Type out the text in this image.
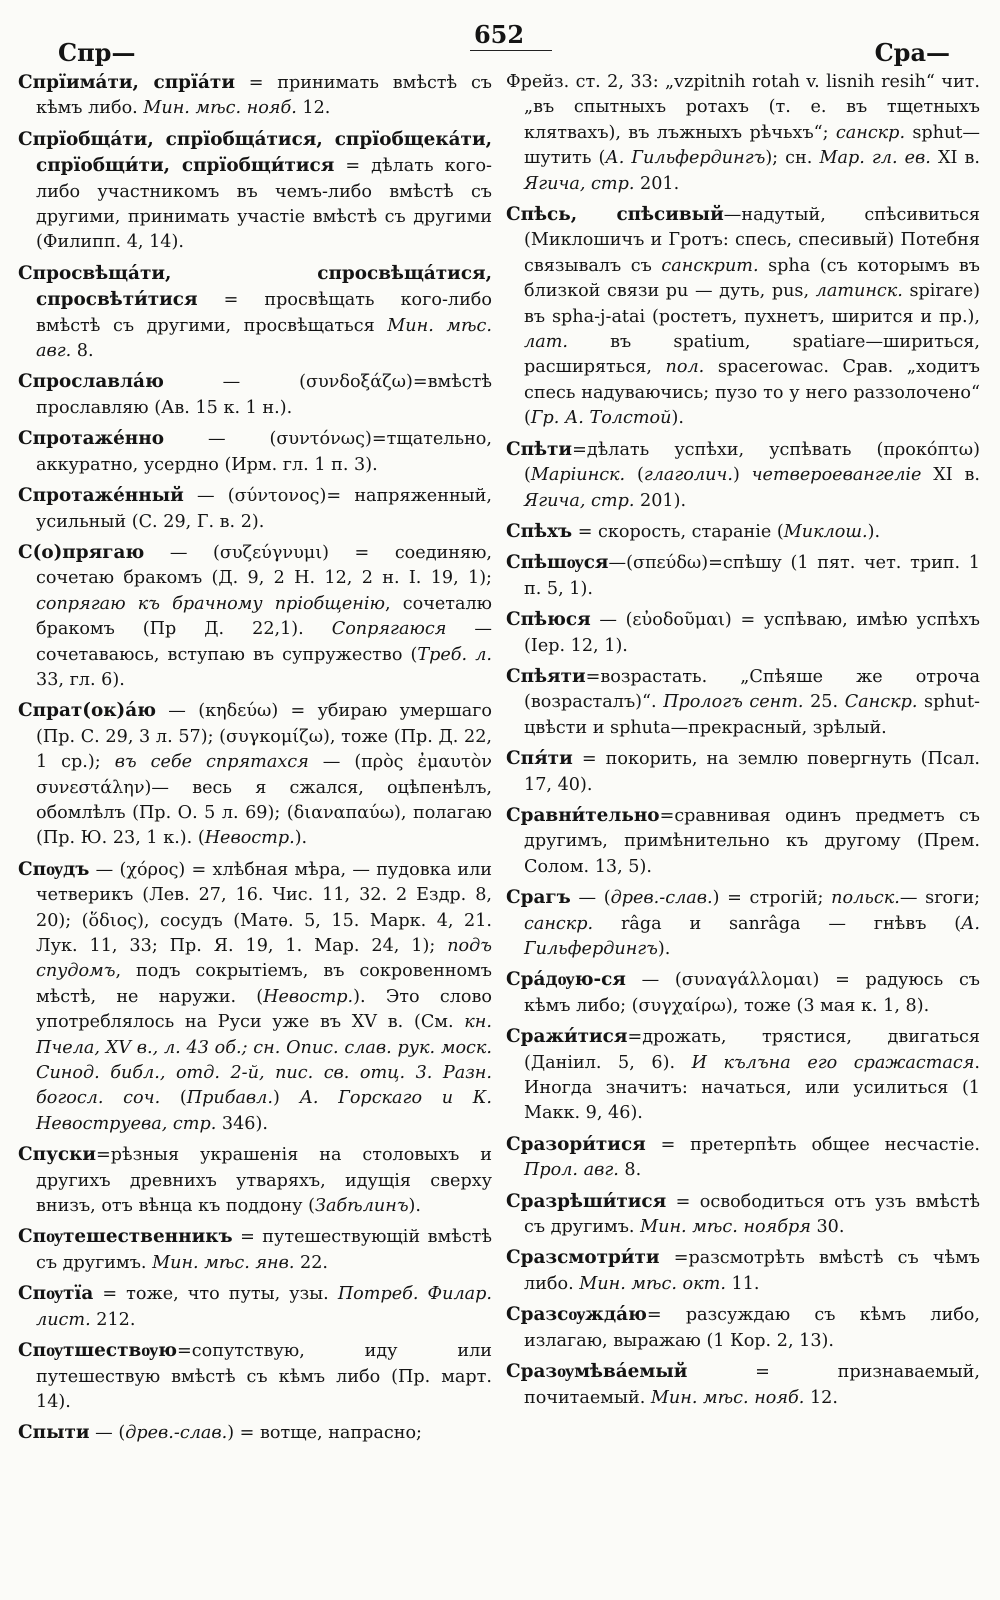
Спр—
652
Сра—

Спрїима́ти, спрїа́ти = принимать вмѣстѣ съ кѣмъ либо. Мин. мѣс. нояб. 12.

Спрїобща́ти, спрїобща́тися, спрїобщека́ти, спрїобщи́ти, спрїобщи́тися = дѣлать кого-либо участникомъ въ чемъ-либо вмѣстѣ съ другими, принимать участіе вмѣстѣ съ другими (Филипп. 4, 14).

Спросвѣща́ти, спросвѣща́тися, спросвѣти́тися = просвѣщать кого-либо вмѣстѣ съ другими, просвѣщаться Мин. мѣс. авг. 8.

Спрославла́ю — (συνδοξάζω)=вмѣстѣ прославляю (Ав. 15 к. 1 н.).

Спротаже́нно — (συντόνως)=тщательно, аккуратно, усердно (Ирм. гл. 1 п. 3).

Спротаже́нный — (σύντονος)= напряженный, усильный (С. 29, Г. в. 2).

С(о)прягаю — (συζεύγνυμι) = соединяю, сочетаю бракомъ (Д. 9, 2 Н. 12, 2 н. I. 19, 1); сопрягаю къ брачному пріобщенію, сочеталю бракомъ (Пр Д. 22,1). Сопрягаюся — сочетаваюсь, вступаю въ супружество (Треб. л. 33, гл. 6).

Спрат(ок)а́ю — (κηδεύω) = убираю умершаго (Пр. С. 29, 3 л. 57); (συγκομίζω), тоже (Пр. Д. 22, 1 ср.); въ себе спрятахся — (πρὸς ἐμαυτὸν συνεστάλην)— весь я сжался, оцѣпенѣлъ, обомлѣлъ (Пр. О. 5 л. 69); (διαναπαύω), полагаю (Пр. Ю. 23, 1 к.). (Невостр.).

Спѹдъ — (χόρος) = хлѣбная мѣра, — пудовка или четверикъ (Лев. 27, 16. Чис. 11, 32. 2 Ездр. 8, 20); (ὅδιος), сосудъ (Матѳ. 5, 15. Марк. 4, 21. Лук. 11, 33; Пр. Я. 19, 1. Мар. 24, 1); подъ спудомъ, подъ сокрытіемъ, въ сокровенномъ мѣстѣ, не наружи. (Невостр.). Это слово употреблялось на Руси уже въ XV в. (См. кн. Пчела, XV в., л. 43 об.; сн. Опис. слав. рук. моск. Синод. библ., отд. 2-й, пис. св. отц. 3. Разн. богосл. соч. (Прибавл.) А. Горскаго и К. Невоструева, стр. 346).

Спуски=рѣзныя украшенія на столовыхъ и другихъ древнихъ утваряхъ, идущія сверху внизъ, отъ вѣнца къ поддону (Забѣлинъ).

Спѹтешественникъ = путешествующій вмѣстѣ съ другимъ. Мин. мѣс. янв. 22.

Спѹтїа = тоже, что путы, узы. Потреб. Филар. лист. 212.

Спѹтшествѹю=сопутствую, иду или путешествую вмѣстѣ съ кѣмъ либо (Пр. март. 14).

Спыти — (древ.-слав.) = вотще, напрасно;

Фрейз. ст. 2, 33: „vzpitnih rotah v. lisnih resih“ чит. „въ спытныхъ ротахъ (т. е. въ тщетныхъ клятвахъ), въ лъжныхъ рѣчьхъ“; санскр. sphut— шутить (А. Гильфердингъ); сн. Мар. гл. ев. XI в. Ягича, стр. 201.

Спѣсь, спѣсивый—надутый, спѣсивиться (Миклошичъ и Гротъ: спесь, спесивый) Потебня связывалъ съ санскрит. spha (съ которымъ въ близкой связи pu — дуть, pus, латинск. spirare) въ spha-j-atai (ростетъ, пухнетъ, ширится и пр.), лат. въ spatium, spatiare—шириться, расширяться, пол. spacerowac. Срав. „ходитъ спесь надуваючись; пузо то у него раззолочено“ (Гр. А. Толстой).

Спѣти=дѣлать успѣхи, успѣвать (προκόπτω) (Маріинск. (глаголич.) четвероевангеліе XI в. Ягича, стр. 201).

Спѣхъ = скорость, стараніе (Миклош.).

Спѣшѹся—(σπεύδω)=спѣшу (1 пят. чет. трип. 1 п. 5, 1).

Спѣюся — (εὐοδοῦμαι) = успѣваю, имѣю успѣхъ (Іер. 12, 1).

Спѣяти=возрастать. „Спѣяше же отроча (возрасталъ)“. Прологъ сент. 25. Санскр. sphut- цвѣсти и sphuta—прекрасный, зрѣлый.

Спя́ти = покорить, на землю повергнуть (Псал. 17, 40).

Сравни́тельно=сравнивая одинъ предметъ съ другимъ, примѣнительно къ другому (Прем. Солом. 13, 5).

Срагъ — (древ.-слав.) = строгій; польск.— sroги; санскр. râga и sanrâga — гнѣвъ (А. Гильфердингъ).

Сра́дѹю-ся — (συναγάλλομαι) = радуюсь съ кѣмъ либо; (συγχαίρω), тоже (3 мая к. 1, 8).

Сражи́тися=дрожать, трястися, двигаться (Даніил. 5, 6). И кълъна его сражастася. Иногда значитъ: начаться, или усилиться (1 Макк. 9, 46).

Сразори́тися = претерпѣть общее несчастіе. Прол. авг. 8.

Сразрѣши́тися = освободиться отъ узъ вмѣстѣ съ другимъ. Мин. мѣс. ноября 30.

Сразсмотри́ти =разсмотрѣть вмѣстѣ съ чѣмъ либо. Мин. мѣс. окт. 11.

Сразсѹжда́ю= разсуждаю съ кѣмъ либо, излагаю, выражаю (1 Кор. 2, 13).

Сразѹмѣва́емый = признаваемый, почитаемый. Мин. мѣс. нояб. 12.
